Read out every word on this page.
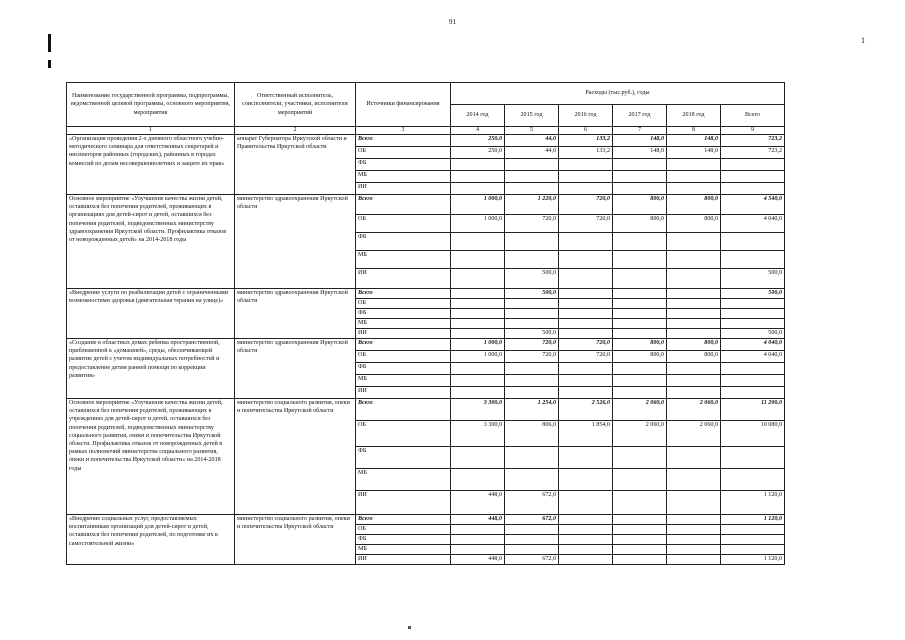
91
1
Наименование государственной программы, подпрограммы, ведомственной целевой программы, основного мероприятия, мероприятия	Ответственный исполнитель, соисполнители, участники, исполнители мероприятий	Источники финансирования	Расходы (тыс.руб.), годы					
			2014 год	2015 год	2016 год	2017 год	2018 год	Всего
1	2	3	4	5	6	7	8	9
«Организация проведения 2-х дневного областного учебно-методического семинара для ответственных секретарей и инспекторов районных (городских), районных в городах комиссий по делам несовершеннолетних и защите их прав»	аппарат Губернатора Иркутской области и Правительства Иркутской области	Всего	250,0	44,0	133,2	148,0	148,0	723,2
		ОБ	250,0	44,0	133,2	148,0	148,0	723,2
		ФБ						
		МБ						
		ИИ						
Основное мероприятие «Улучшение качества жизни детей, оставшихся без попечения родителей, проживающих в организациях для детей-сирот и детей, оставшихся без попечения родителей, подведомственных министерству здравоохранения Иркутской области. Профилактика отказов от новорожденных детей» на 2014-2018 годы	министерство здравоохранения Иркутской области	Всего	1 000,0	1 220,0	720,0	800,0	800,0	4 540,0
		ОБ	1 000,0	720,0	720,0	800,0	800,0	4 040,0
		ФБ						
		МБ						
		ИИ		500,0				500,0
«Внедрение услуги по реабилитации детей с ограниченными возможностями здоровья (двигательная терапия на улице)»	министерство здравоохранения Иркутской области	Всего		500,0				500,0
		ОБ						
		ФБ						
		МБ						
		ИИ		500,0				500,0
«Создание в областных домах ребенка пространственной, приближенной к «домашней», среды, обеспечивающей развитие детей с учетом индивидуальных потребностей и предоставление детям ранней помощи по коррекции развития»	министерство здравоохранения Иркутской области	Всего	1 000,0	720,0	720,0	800,0	800,0	4 040,0
		ОБ	1 000,0	720,0	720,0	800,0	800,0	4 040,0
		ФБ						
		МБ						
		ИИ						
Основное мероприятие «Улучшение качества жизни детей, оставшихся без попечения родителей, проживающих в учреждениях для детей-сирот и детей, оставшихся без попечения родителей, подведомственных министерству социального развития, опеки и попечительства Иркутской области. Профилактика отказов от новорожденных детей в рамках полномочий министерства социального развития, опеки и попечительства Иркутской области» на 2014-2018 годы	министерство социального развития, опеки и попечительства Иркутской области	Всего	3 300,0	1 254,0	2 526,0	2 060,0	2 060,0	11 200,0
		ОБ	3 300,0	806,0	1 854,0	2 060,0	2 060,0	10 080,0
		ФБ						
		МБ						
		ИИ	448,0	672,0				1 120,0
«Внедрение социальных услуг, предоставляемых воспитанникам организаций для детей-сирот и детей, оставшихся без попечения родителей, по подготовке их к самостоятельной жизни»	министерство социального развития, опеки и попечительства Иркутской области	Всего	448,0	672,0				1 120,0
		ОБ						
		ФБ						
		МБ						
		ИИ	448,0	672,0				1 120,0
